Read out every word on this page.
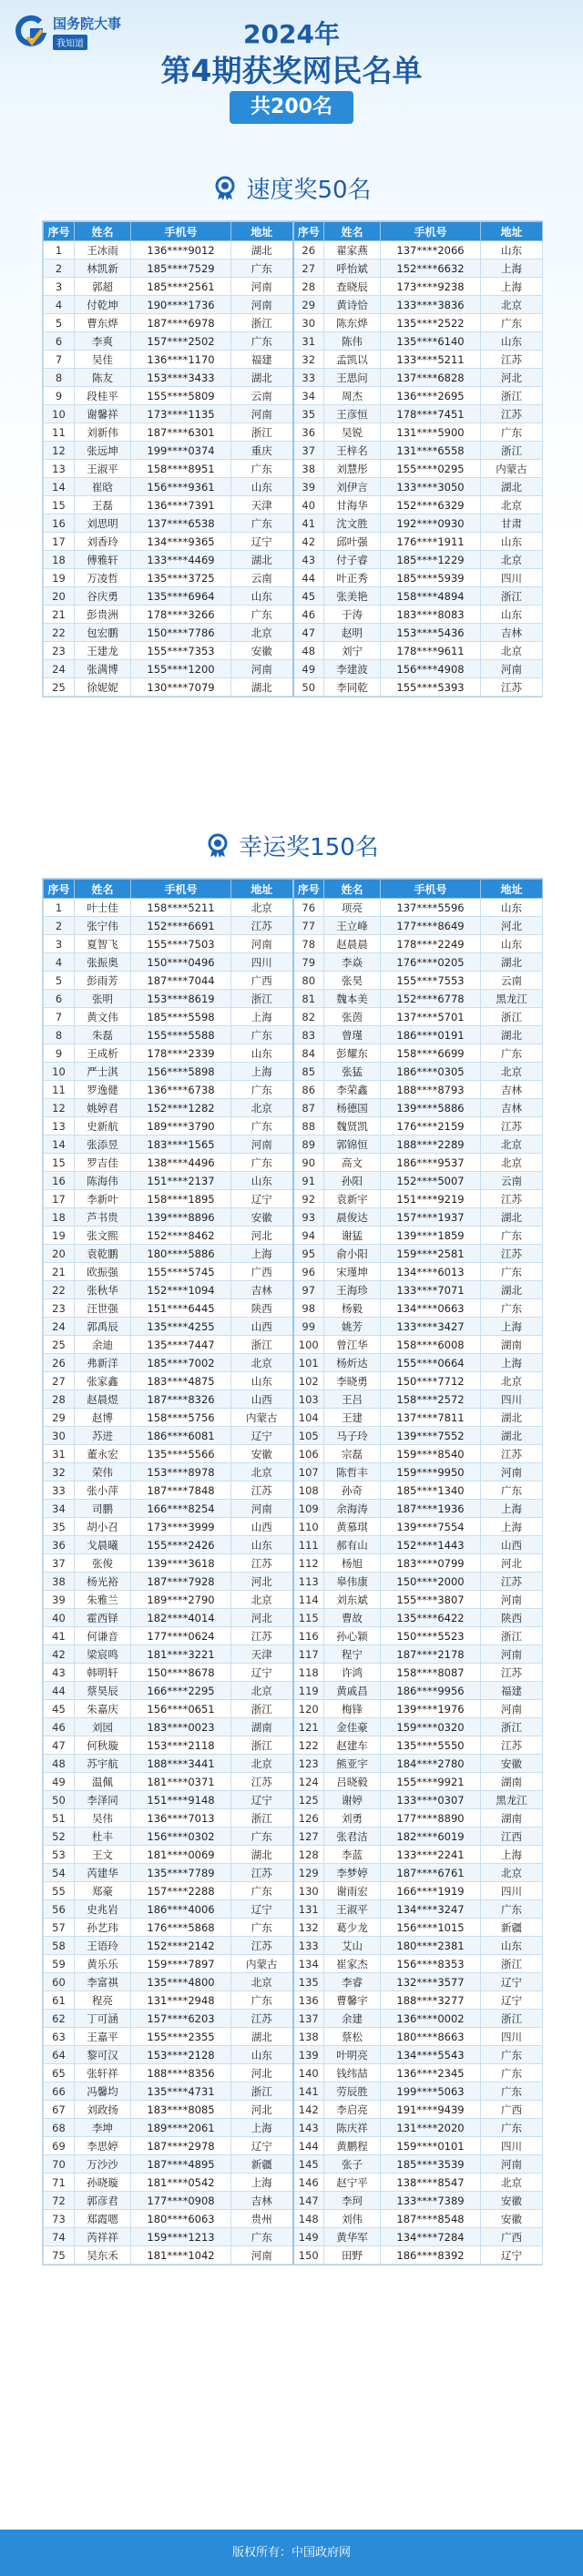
国务院大事
我知道	2024年
第4期获奖网民名单
共200名
速度奖50名
序号	姓名	手机号	地址	序号	姓名	手机号	地址
1	王冰雨	136****9012	湖北	26	翟家燕	137****2066	山东
2	林凯新	185****7529	广东	27	呼怡斌	152****6632	上海
3	郭超	185****2561	河南	28	查晓辰	173****9238	上海
4	付乾坤	190****1736	河南	29	黄诗恰	133****3836	北京
5	曹东烨	187****6978	浙江	30	陈东烨	135****2522	广东
6	李爽	157****2502	广东	31	陈伟	135****6140	山东
7	吴佳	136****1170	福建	32	孟凯以	133****5211	江苏
8	陈友	153****3433	湖北	33	王思问	137****6828	河北
9	段桂平	155****5809	云南	34	周杰	136****2695	浙江
10	谢馨祥	173****1135	河南	35	王彦恒	178****7451	江苏
11	刘新伟	187****6301	浙江	36	吴锐	131****5900	广东
12	张远坤	199****0374	重庆	37	王梓名	131****6558	浙江
13	王淑平	158****8951	广东	38	刘慧彤	155****0295	内蒙古
14	崔晗	156****9361	山东	39	刘伊言	133****3050	湖北
15	王磊	136****7391	天津	40	甘海华	152****6329	北京
16	刘思明	137****6538	广东	41	沈文胜	192****0930	甘肃
17	刘香玲	134****9365	辽宁	42	邱叶强	176****1911	山东
18	傅雅轩	133****4469	湖北	43	付子睿	185****1229	北京
19	万凌哲	135****3725	云南	44	叶正秀	185****5939	四川
20	谷庆勇	135****6964	山东	45	张美艳	158****4894	浙江
21	彭贵洲	178****3266	广东	46	于涛	183****8083	山东
22	包宏鹏	150****7786	北京	47	赵明	153****5436	吉林
23	王建龙	155****7353	安徽	48	刘宁	178****9611	北京
24	张满博	155****1200	河南	49	李建波	156****4908	河南
25	徐妮妮	130****7079	湖北	50	李同乾	155****5393	江苏
幸运奖150名
序号	姓名	手机号	地址	序号	姓名	手机号	地址
1	叶士佳	158****5211	北京	76	项亮	137****5596	山东
2	张宁伟	152****6691	江苏	77	王立峰	177****8649	河北
3	夏智飞	155****7503	河南	78	赵晨晨	178****2249	山东
4	张振奥	150****0496	四川	79	李焱	176****0205	湖北
5	彭雨芳	187****7044	广西	80	张昊	155****7553	云南
6	张明	153****8619	浙江	81	魏本美	152****6778	黑龙江
7	黄文伟	185****5598	上海	82	张茵	137****5701	浙江
8	朱磊	155****5588	广东	83	曾瑾	186****0191	湖北
9	王成析	178****2339	山东	84	彭耀东	158****6699	广东
10	严士淇	156****5898	上海	85	张猛	186****0305	北京
11	罗逸健	136****6738	广东	86	李荣鑫	188****8793	吉林
12	姚婷君	152****1282	北京	87	杨德国	139****5886	吉林
13	史新航	189****3790	广东	88	魏贤凯	176****2159	江苏
14	张添昱	183****1565	河南	89	郭锦恒	188****2289	北京
15	罗吉佳	138****4496	广东	90	高文	186****9537	北京
16	陈海伟	151****2137	山东	91	孙阳	152****5007	云南
17	李新叶	158****1895	辽宁	92	袁新宇	151****9219	江苏
18	芦书贵	139****8896	安徽	93	晨俊达	157****1937	湖北
19	张文熙	152****8462	河北	94	谢猛	139****1859	广东
20	袁乾鹏	180****5886	上海	95	俞小阳	159****2581	江苏
21	欧振强	155****5745	广西	96	宋瑾坤	134****6013	广东
22	张秋华	152****1094	吉林	97	王海珍	133****7071	湖北
23	汪世强	151****6445	陕西	98	杨毅	134****0663	广东
24	郭禹辰	135****4255	山西	99	姚芳	133****3427	上海
25	余迪	135****7447	浙江	100	曾江华	158****6008	湖南
26	弗新洋	185****7002	北京	101	杨炘达	155****0664	上海
27	张家鑫	183****4875	山东	102	李晓勇	150****7712	北京
28	赵晨煜	187****8326	山西	103	王吕	158****2572	四川
29	赵博	158****5756	内蒙古	104	王建	137****7811	湖北
30	苏进	186****6081	辽宁	105	马子玲	139****7552	湖北
31	董永宏	135****5566	安徽	106	宗磊	159****8540	江苏
32	荣伟	153****8978	北京	107	陈哲丰	159****9950	河南
33	张小萍	187****7848	江苏	108	孙奇	185****1340	广东
34	司鹏	166****8254	河南	109	余海涛	187****1936	上海
35	胡小召	173****3999	山西	110	黄慕琪	139****7554	上海
36	戈晨曦	155****2426	山东	111	郝有山	152****1443	山西
37	张俊	139****3618	江苏	112	杨旭	183****0799	河北
38	杨光裕	187****7928	河北	113	皋伟康	150****2000	江苏
39	朱雅兰	189****2790	北京	114	刘东斌	155****3807	河南
40	霍西铎	182****4014	河北	115	曹故	135****6422	陕西
41	何谦音	177****0624	江苏	116	孙心颖	150****5523	浙江
42	梁宸鸣	181****3221	天津	117	程宁	187****2178	河南
43	韩明轩	150****8678	辽宁	118	许鸿	158****8087	江苏
44	蔡昊辰	166****2295	北京	119	黄戚昌	186****9956	福建
45	朱嘉庆	156****0651	浙江	120	梅锋	139****1976	河南
46	刘园	183****0023	湖南	121	金佳豪	159****0320	浙江
47	何秋璇	153****2118	浙江	122	赵建车	135****5550	江苏
48	苏宇航	188****3441	北京	123	熊亚宇	184****2780	安徽
49	温佩	181****0371	江苏	124	吕晓毅	155****9921	湖南
50	李泽同	151****9148	辽宁	125	谢婷	133****0307	黑龙江
51	吴伟	136****7013	浙江	126	刘勇	177****8890	湖南
52	杜丰	156****0302	广东	127	张君洁	182****6019	江西
53	王文	181****0069	湖北	128	李蓝	133****2241	上海
54	芮建华	135****7789	江苏	129	李梦婷	187****6761	北京
55	郑豪	157****2288	广东	130	谢雨宏	166****1919	四川
56	史兆岩	186****4006	辽宁	131	王淑平	134****3247	广东
57	孙艺玮	176****5868	广东	132	葛少龙	156****1015	新疆
58	王语玲	152****2142	江苏	133	艾山	180****2381	山东
59	黄乐乐	159****7897	内蒙古	134	崔家杰	156****8353	浙江
60	李富祺	135****4800	北京	135	李睿	132****3577	辽宁
61	程亮	131****2948	广东	136	曹馨宇	188****3277	辽宁
62	丁可涵	157****6203	江苏	137	余建	136****0002	浙江
63	王嘉平	155****2355	湖北	138	蔡松	180****8663	四川
64	黎可汉	153****2128	山东	139	叶明亮	134****5543	广东
65	张轩祥	188****8356	河北	140	钱纬喆	136****2345	广东
66	冯馨均	135****4731	浙江	141	劳辰胜	199****5063	广东
67	刘政扬	183****8085	河北	142	李启亮	191****9439	广西
68	李坤	189****2061	上海	143	陈庆祥	131****2020	广东
69	李思婷	187****2978	辽宁	144	黄鹏程	159****0101	四川
70	万沙沙	187****4895	新疆	145	张子	185****3539	河南
71	孙晓璇	181****0542	上海	146	赵宁平	138****8547	北京
72	郭彦君	177****0908	吉林	147	李珂	133****7389	安徽
73	郑霞嗯	180****6063	贵州	148	刘伟	187****8548	安徽
74	芮祥祥	159****1213	广东	149	黄华军	134****7284	广西
75	吴东禾	181****1042	河南	150	田野	186****8392	辽宁
版权所有：中国政府网
